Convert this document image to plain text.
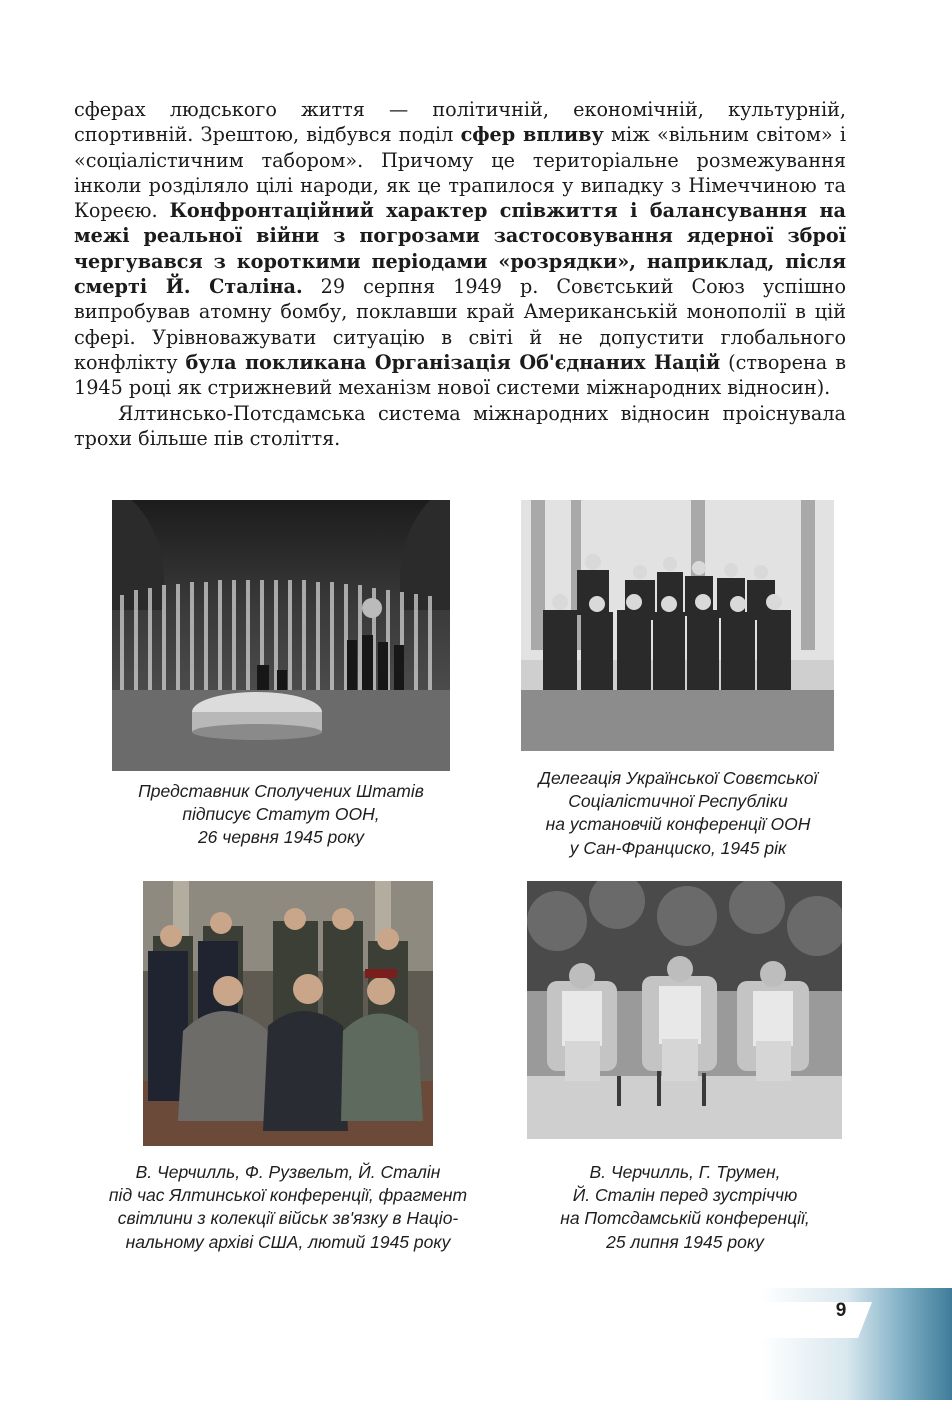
сферах людського життя — політичній, економічній, культурній, спортивній. Зрештою, відбувся поділ сфер впливу між «вільним світом» і «соціалістичним табором». Причому це територіальне розмежування інколи розділяло цілі народи, як це трапилося у випадку з Німеччиною та Кореєю. Конфронтаційний характер співжиття і балансування на межі реальної війни з погрозами застосовування ядерної зброї чергувався з короткими періодами «розрядки», наприклад, після смерті Й. Сталіна. 29 серпня 1949 р. Совєтський Союз успішно випробував атомну бомбу, поклавши край Американській монополії в цій сфері. Урівноважувати ситуацію в світі й не допустити глобального конфлікту була покликана Організація Об'єднаних Націй (створена в 1945 році як стрижневий механізм нової системи міжнародних відносин).

Ялтинсько-Потсдамська система міжнародних відносин проіснувала трохи більше пів століття.

Представник Сполучених Штатів
підписує Статут ООН,
26 червня 1945 року
Делегація Української Совєтської
Соціалістичної Республіки
на установчій конференції ООН
у Сан-Франциско, 1945 рік
В. Черчилль, Ф. Рузвельт, Й. Сталін
під час Ялтинської конференції, фрагмент
світлини з колекції військ зв'язку в Націо-
нальному архіві США, лютий 1945 року
В. Черчилль, Г. Трумен,
Й. Сталін перед зустріччю
на Потсдамській конференції,
25 липня 1945 року
9
